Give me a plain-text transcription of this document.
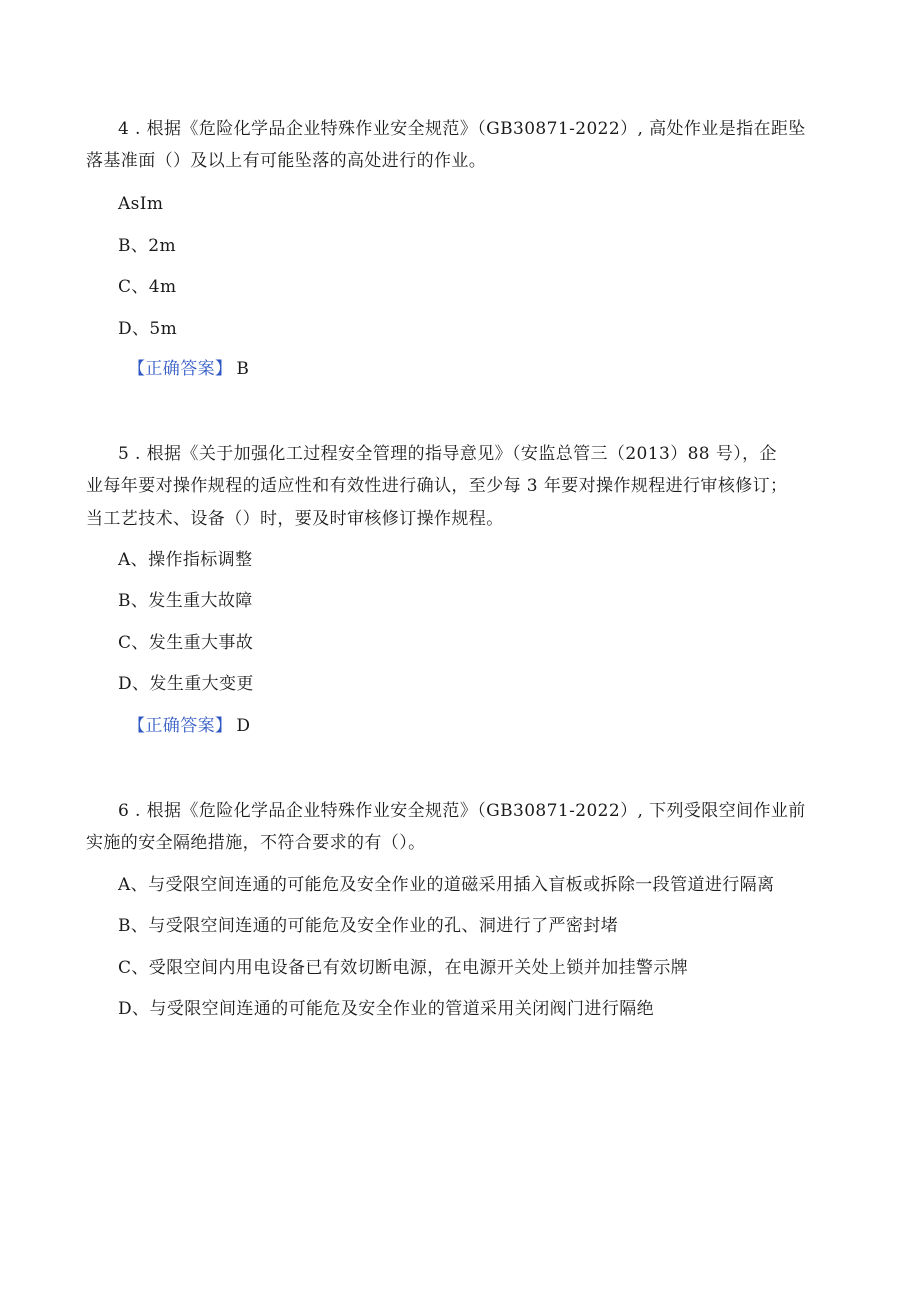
4 . 根据《危险化学品企业特殊作业安全规范》（GB30871-2022）, 高处作业是指在距坠
落基准面（）及以上有可能坠落的高处进行的作业。
AsIm
B、2m
C、4m
D、5m
【正确答案】 B
5 . 根据《关于加强化工过程安全管理的指导意见》（安监总管三（2013）88 号），企
业每年要对操作规程的适应性和有效性进行确认，至少每 3 年要对操作规程进行审核修订；
当工艺技术、设备（）时，要及时审核修订操作规程。
A、操作指标调整
B、发生重大故障
C、发生重大事故
D、发生重大变更
【正确答案】 D
6 . 根据《危险化学品企业特殊作业安全规范》（GB30871-2022）, 下列受限空间作业前
实施的安全隔绝措施，不符合要求的有（）。
A、与受限空间连通的可能危及安全作业的道磁采用插入盲板或拆除一段管道进行隔离
B、与受限空间连通的可能危及安全作业的孔、洞进行了严密封堵
C、受限空间内用电设备已有效切断电源，在电源开关处上锁并加挂警示牌
D、与受限空间连通的可能危及安全作业的管道采用关闭阀门进行隔绝
